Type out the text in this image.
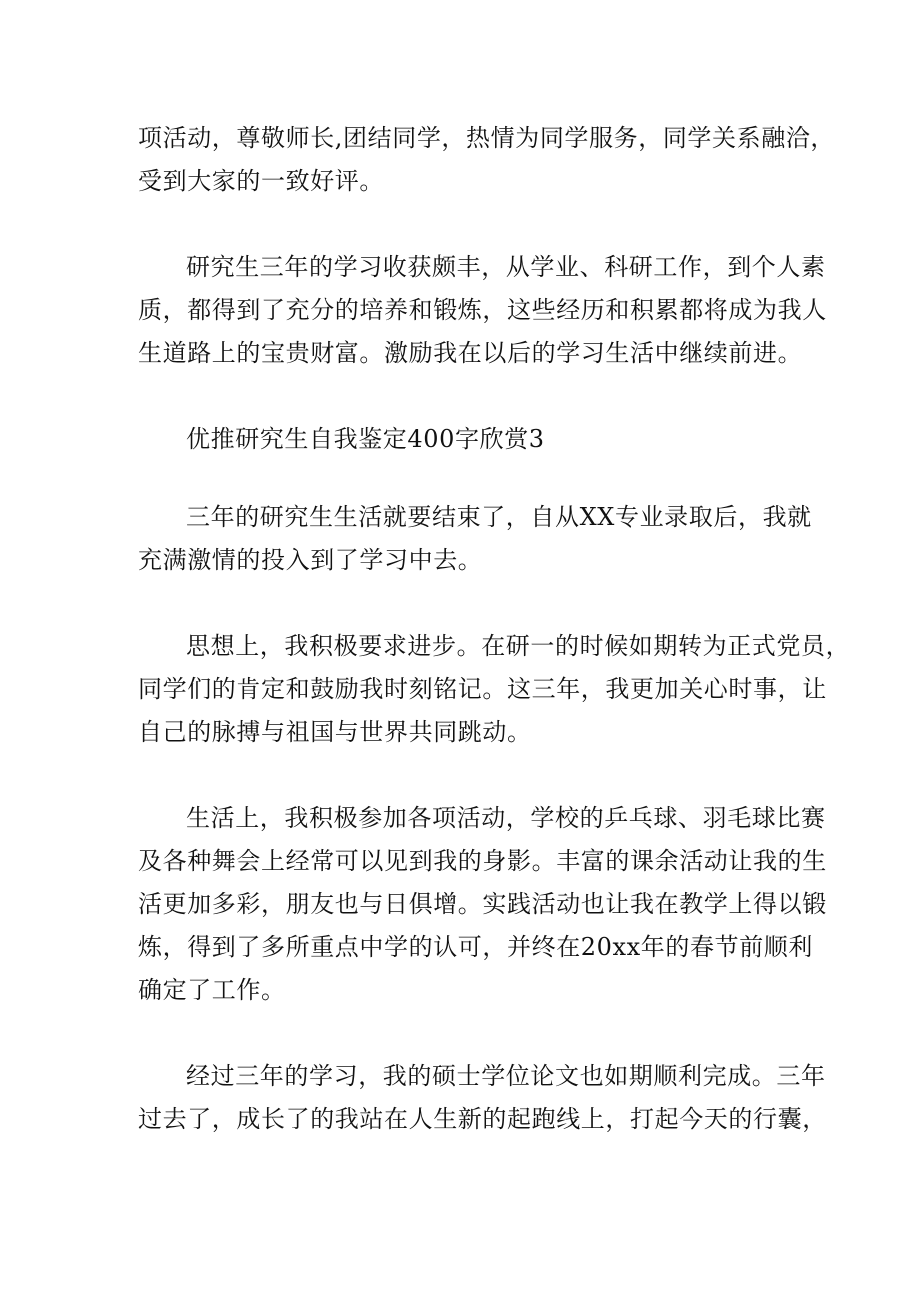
项活动，尊敬师长,团结同学，热情为同学服务，同学关系融洽，
受到大家的一致好评。
研究生三年的学习收获颇丰，从学业、科研工作，到个人素
质，都得到了充分的培养和锻炼，这些经历和积累都将成为我人
生道路上的宝贵财富。激励我在以后的学习生活中继续前进。
优推研究生自我鉴定400字欣赏3
三年的研究生生活就要结束了，自从XX专业录取后，我就
充满激情的投入到了学习中去。
思想上，我积极要求进步。在研一的时候如期转为正式党员，
同学们的肯定和鼓励我时刻铭记。这三年，我更加关心时事，让
自己的脉搏与祖国与世界共同跳动。
生活上，我积极参加各项活动，学校的乒乓球、羽毛球比赛
及各种舞会上经常可以见到我的身影。丰富的课余活动让我的生
活更加多彩，朋友也与日俱增。实践活动也让我在教学上得以锻
炼，得到了多所重点中学的认可，并终在20xx年的春节前顺利
确定了工作。
经过三年的学习，我的硕士学位论文也如期顺利完成。三年
过去了，成长了的我站在人生新的起跑线上，打起今天的行囊，
